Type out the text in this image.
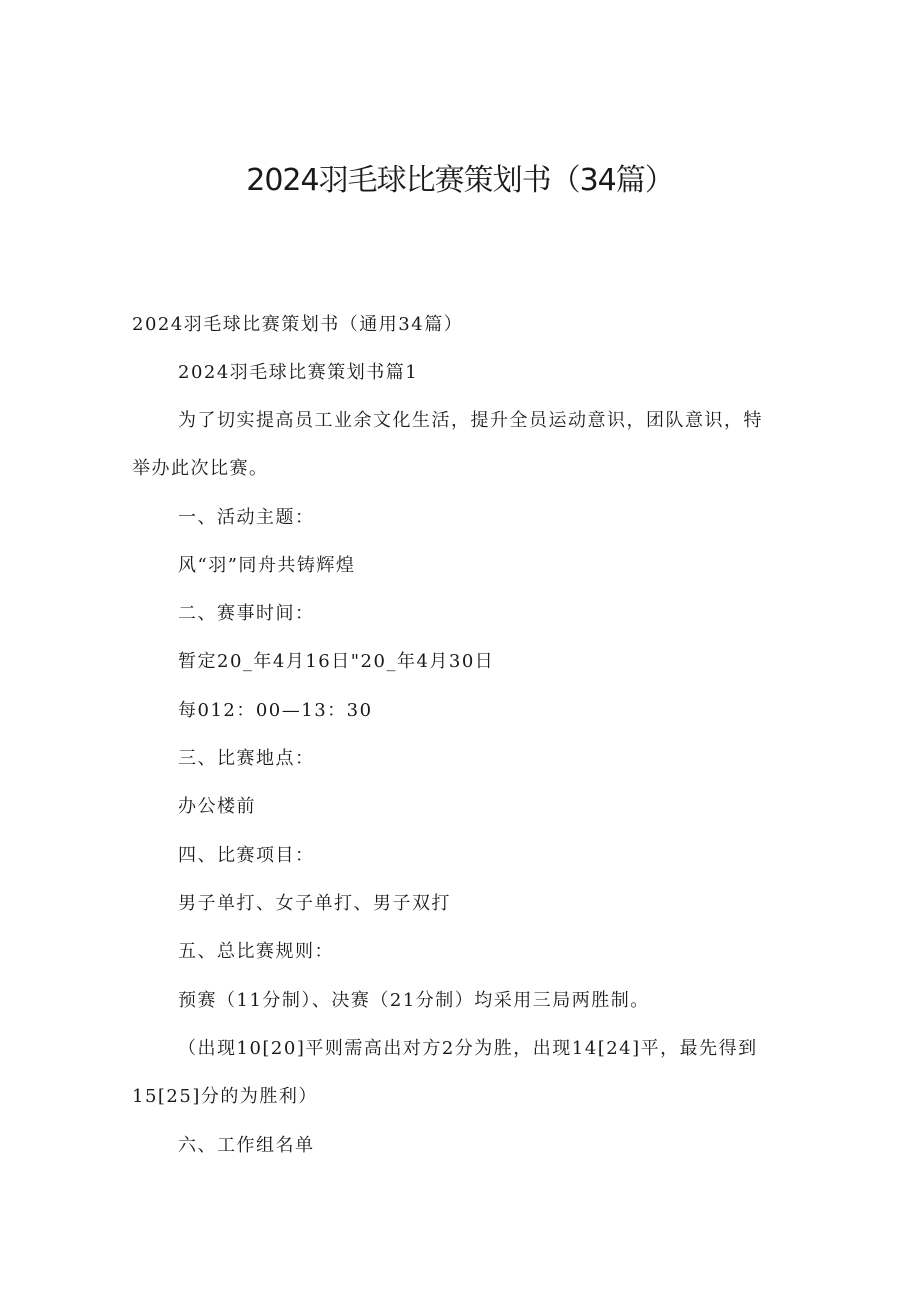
2024羽毛球比赛策划书（34篇）

2024羽毛球比赛策划书（通用34篇）

2024羽毛球比赛策划书篇1

为了切实提高员工业余文化生活，提升全员运动意识，团队意识，特

举办此次比赛。

一、活动主题：

风“羽”同舟共铸辉煌

二、赛事时间：

暂定20_年4月16日"20_年4月30日

每012：00—13：30

三、比赛地点：

办公楼前

四、比赛项目：

男子单打、女子单打、男子双打

五、总比赛规则：

预赛（11分制）、决赛（21分制）均采用三局两胜制。

（出现10[20]平则需高出对方2分为胜，出现14[24]平，最先得到

15[25]分的为胜利）

六、工作组名单
